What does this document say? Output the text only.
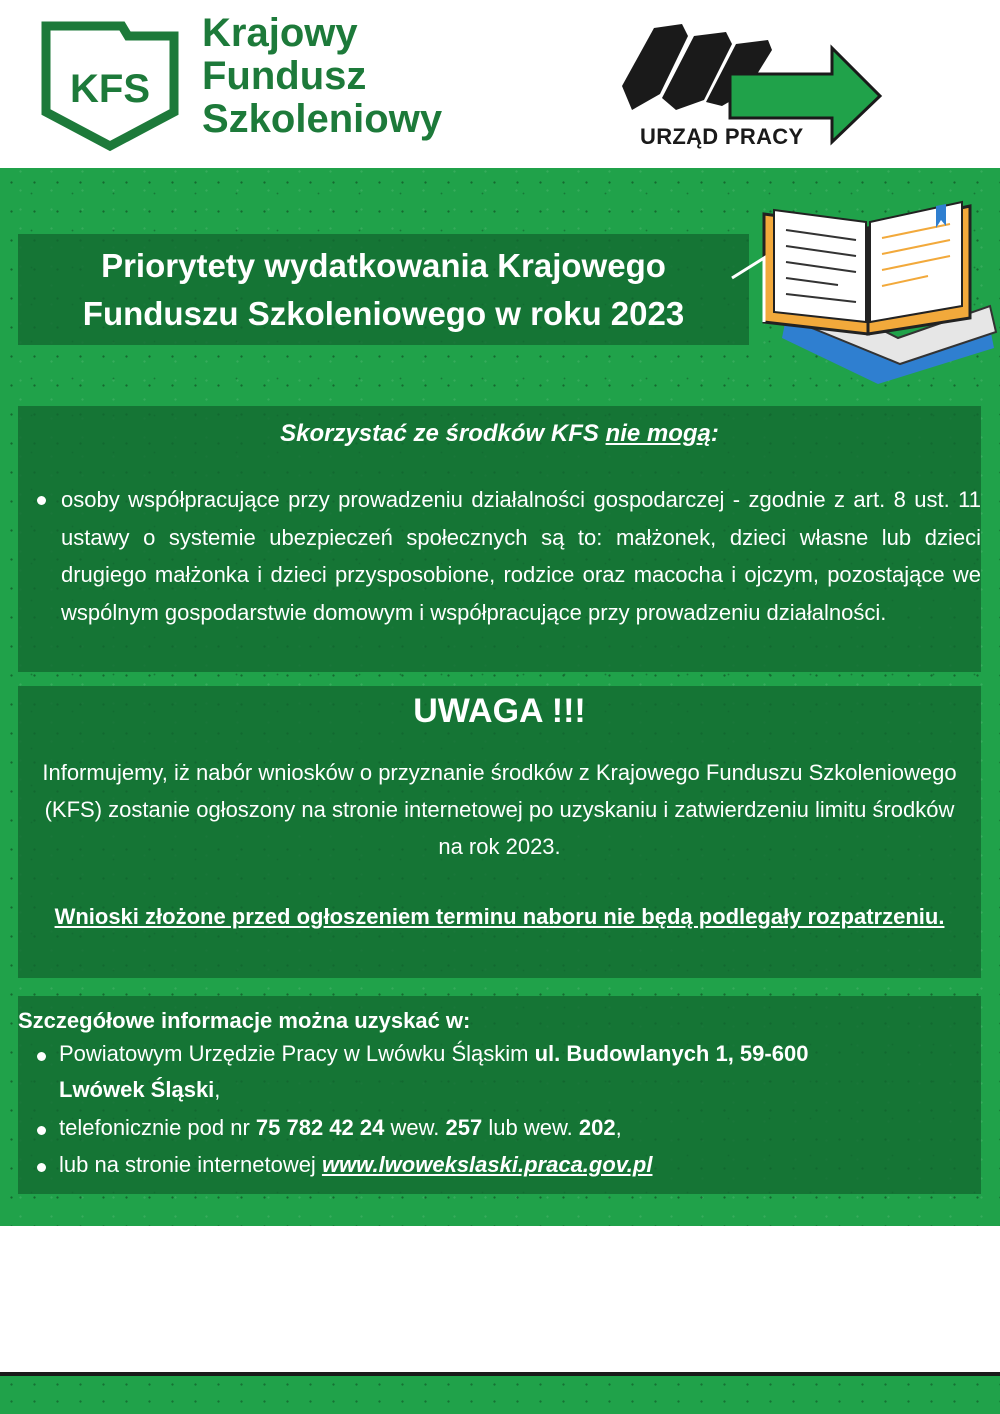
KFS
Krajowy
Fundusz
Szkoleniowy	URZĄD PRACY
Priorytety wydatkowania Krajowego
Funduszu Szkoleniowego w roku 2023
Skorzystać ze środków KFS nie mogą:
osoby współpracujące przy prowadzeniu działalności gospodarczej - zgodnie z art. 8 ust. 11 ustawy o systemie ubezpieczeń społecznych są to: małżonek, dzieci własne lub dzieci drugiego małżonka i dzieci przysposobione, rodzice oraz macocha i ojczym, pozostające we wspólnym gospodarstwie domowym i współpracujące przy prowadzeniu działalności.
UWAGA !!!
Informujemy, iż nabór wniosków o przyznanie środków z Krajowego Funduszu Szkoleniowego (KFS) zostanie ogłoszony na stronie internetowej po uzyskaniu i zatwierdzeniu limitu środków na rok 2023.
Wnioski złożone przed ogłoszeniem terminu naboru nie będą podlegały rozpatrzeniu.
Szczegółowe informacje można uzyskać w:
Powiatowym Urzędzie Pracy w Lwówku Śląskim ul. Budowlanych 1, 59-600
Lwówek Śląski,
telefonicznie pod nr 75 782 42 24 wew. 257 lub wew. 202,
lub na stronie internetowej www.lwowekslaski.praca.gov.pl
